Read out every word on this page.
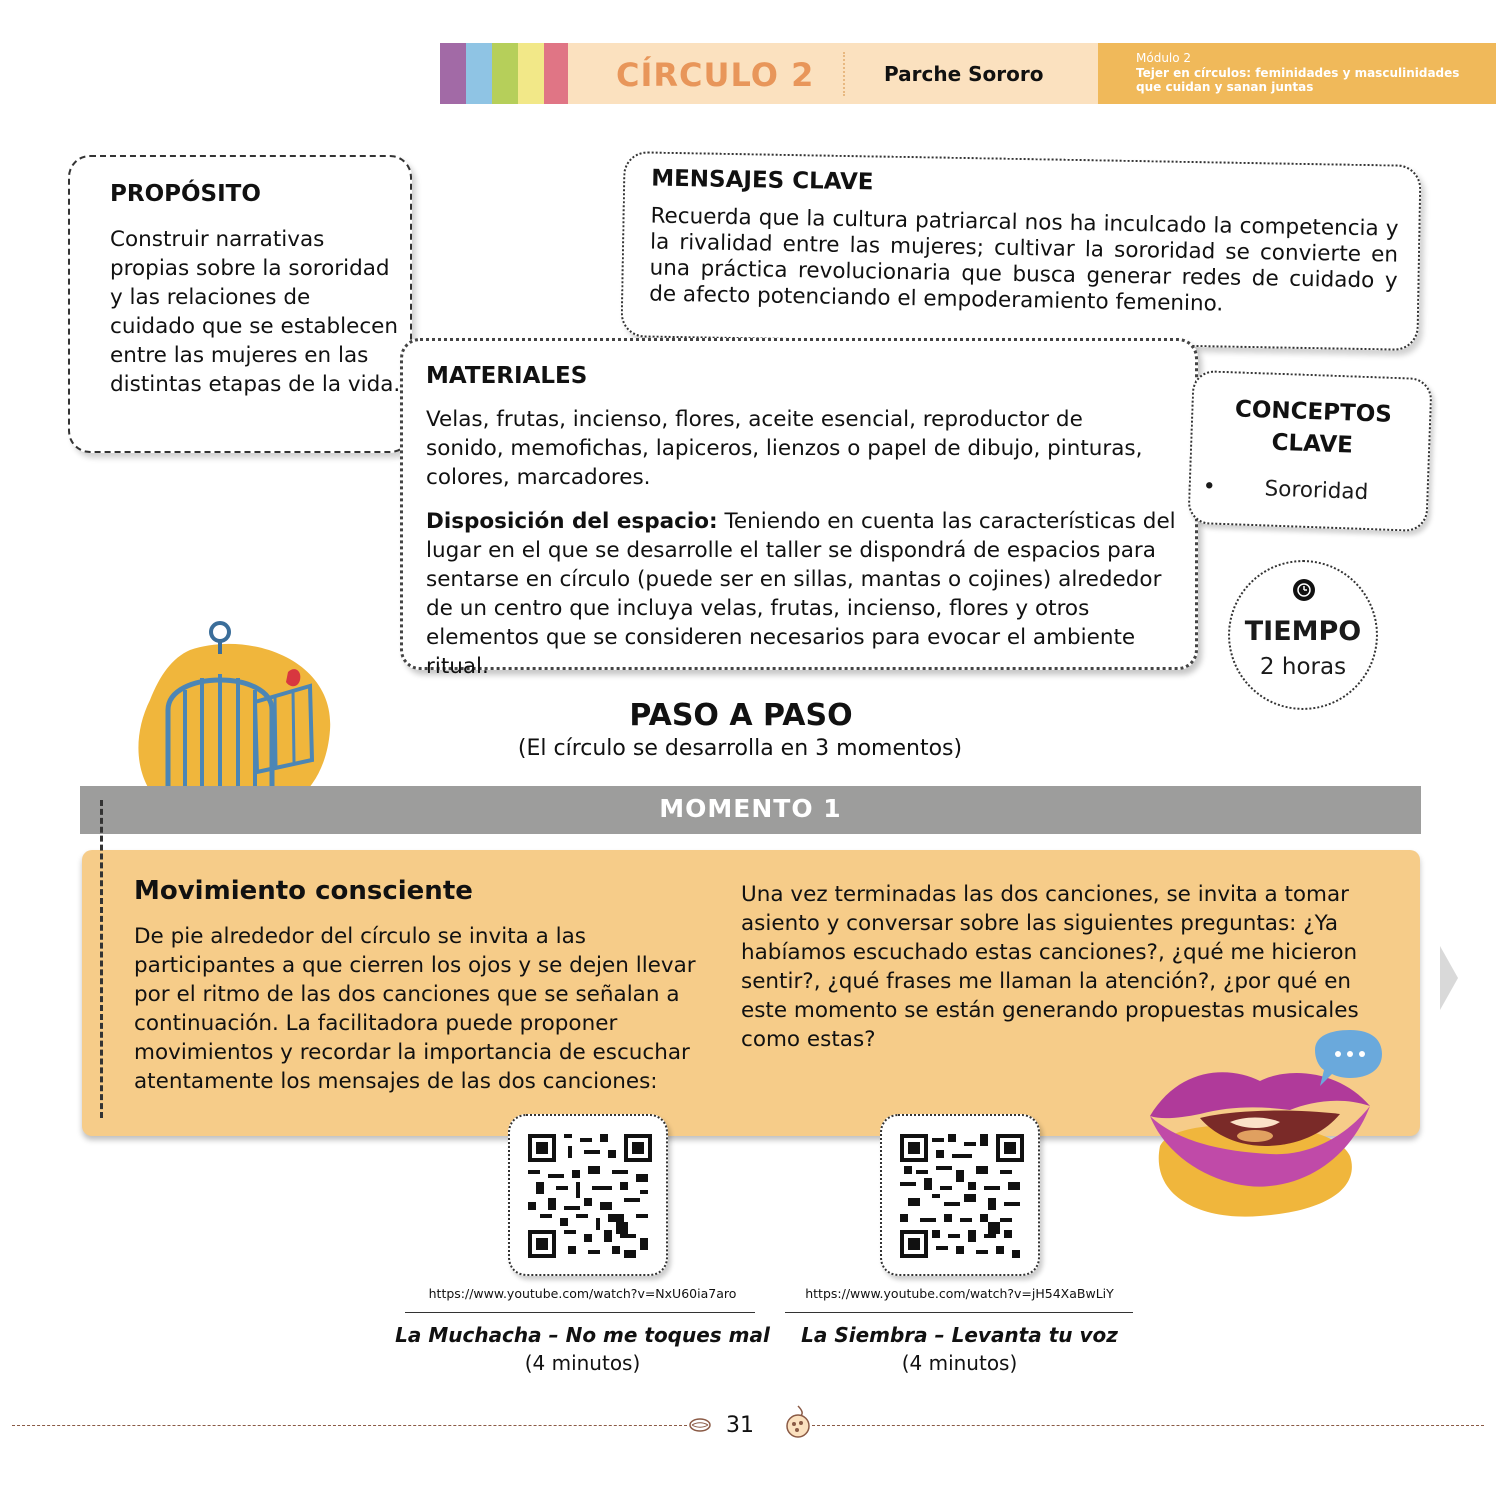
CÍRCULO 2	Parche Sororo
Módulo 2
Tejer en círculos: feminidades y masculinidades que cuidan y sanan juntas
PROPÓSITO
Construir narrativas propias sobre la sororidad y las relaciones de cuidado que se establecen entre las mujeres en las distintas etapas de la vida.
MENSAJES CLAVE
Recuerda que la cultura patriarcal nos ha inculcado la competencia y la rivalidad entre las mujeres; cultivar la sororidad se convierte en una práctica revolucionaria que busca generar redes de cuidado y de afecto potenciando el empoderamiento femenino.
MATERIALES
Velas, frutas, incienso, flores, aceite esencial, reproductor de sonido, memofichas, lapiceros, lienzos o papel de dibujo, pinturas, colores, marcadores.
Disposición del espacio: Teniendo en cuenta las características del lugar en el que se desarrolle el taller se dispondrá de espacios para sentarse en círculo (puede ser en sillas, mantas o cojines) alrededor de un centro que incluya velas, frutas, incienso, flores y otros elementos que se consideren necesarios para evocar el ambiente ritual.
CONCEPTOS
CLAVE
• Sororidad
TIEMPO
2 horas
PASO A PASO
(El círculo se desarrolla en 3 momentos)
MOMENTO 1
Movimiento consciente
De pie alrededor del círculo se invita a las participantes a que cierren los ojos y se dejen llevar por el ritmo de las dos canciones que se señalan a continuación. La facilitadora puede proponer movimientos y recordar la importancia de escuchar atentamente los mensajes de las dos canciones:
Una vez terminadas las dos canciones, se invita a tomar asiento y conversar sobre las siguientes preguntas: ¿Ya habíamos escuchado estas canciones?, ¿qué me hicieron sentir?, ¿qué frases me llaman la atención?, ¿por qué en este momento se están generando propuestas musicales como estas?
https://www.youtube.com/watch?v=NxU60ia7aro
La Muchacha – No me toques mal
(4 minutos)
https://www.youtube.com/watch?v=jH54XaBwLiY
La Siembra – Levanta tu voz
(4 minutos)
31
